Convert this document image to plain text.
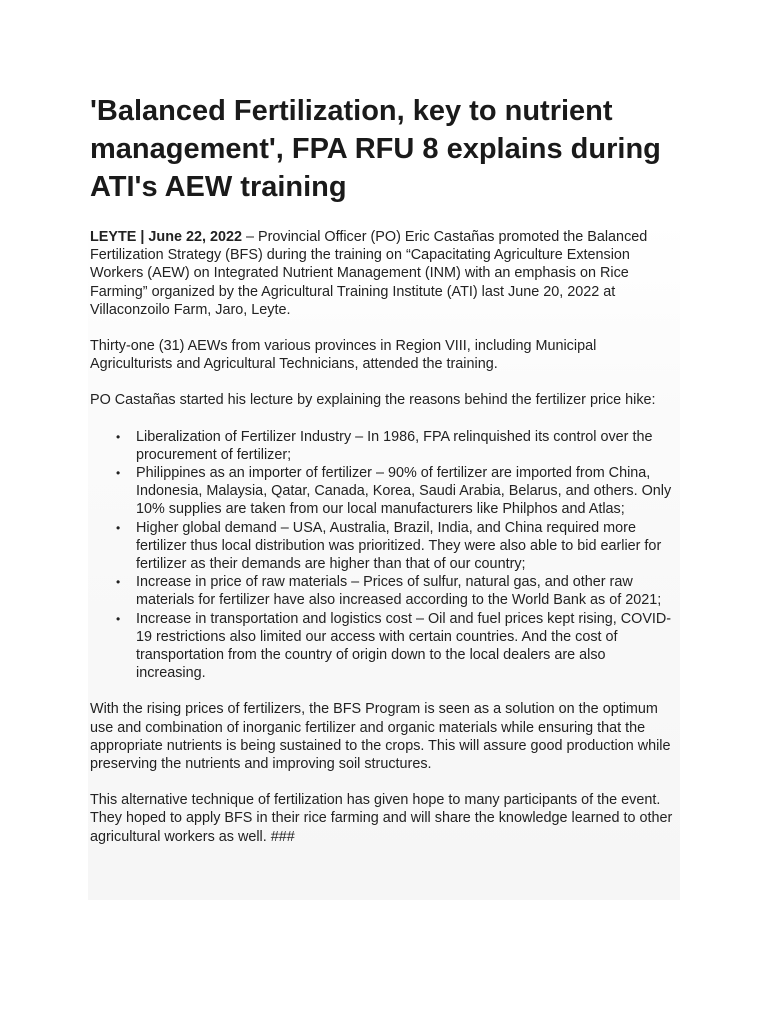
'Balanced Fertilization, key to nutrient management', FPA RFU 8 explains during ATI's AEW training

LEYTE | June 22, 2022 – Provincial Officer (PO) Eric Castañas promoted the Balanced Fertilization Strategy (BFS) during the training on “Capacitating Agriculture Extension Workers (AEW) on Integrated Nutrient Management (INM) with an emphasis on Rice Farming” organized by the Agricultural Training Institute (ATI) last June 20, 2022 at Villaconzoilo Farm, Jaro, Leyte.

Thirty-one (31) AEWs from various provinces in Region VIII, including Municipal Agriculturists and Agricultural Technicians, attended the training.

PO Castañas started his lecture by explaining the reasons behind the fertilizer price hike:

• Liberalization of Fertilizer Industry – In 1986, FPA relinquished its control over the procurement of fertilizer;
• Philippines as an importer of fertilizer – 90% of fertilizer are imported from China, Indonesia, Malaysia, Qatar, Canada, Korea, Saudi Arabia, Belarus, and others. Only 10% supplies are taken from our local manufacturers like Philphos and Atlas;
• Higher global demand – USA, Australia, Brazil, India, and China required more fertilizer thus local distribution was prioritized. They were also able to bid earlier for fertilizer as their demands are higher than that of our country;
• Increase in price of raw materials – Prices of sulfur, natural gas, and other raw materials for fertilizer have also increased according to the World Bank as of 2021;
• Increase in transportation and logistics cost – Oil and fuel prices kept rising, COVID-19 restrictions also limited our access with certain countries. And the cost of transportation from the country of origin down to the local dealers are also increasing.

With the rising prices of fertilizers, the BFS Program is seen as a solution on the optimum use and combination of inorganic fertilizer and organic materials while ensuring that the appropriate nutrients is being sustained to the crops. This will assure good production while preserving the nutrients and improving soil structures.

This alternative technique of fertilization has given hope to many participants of the event. They hoped to apply BFS in their rice farming and will share the knowledge learned to other agricultural workers as well. ###
